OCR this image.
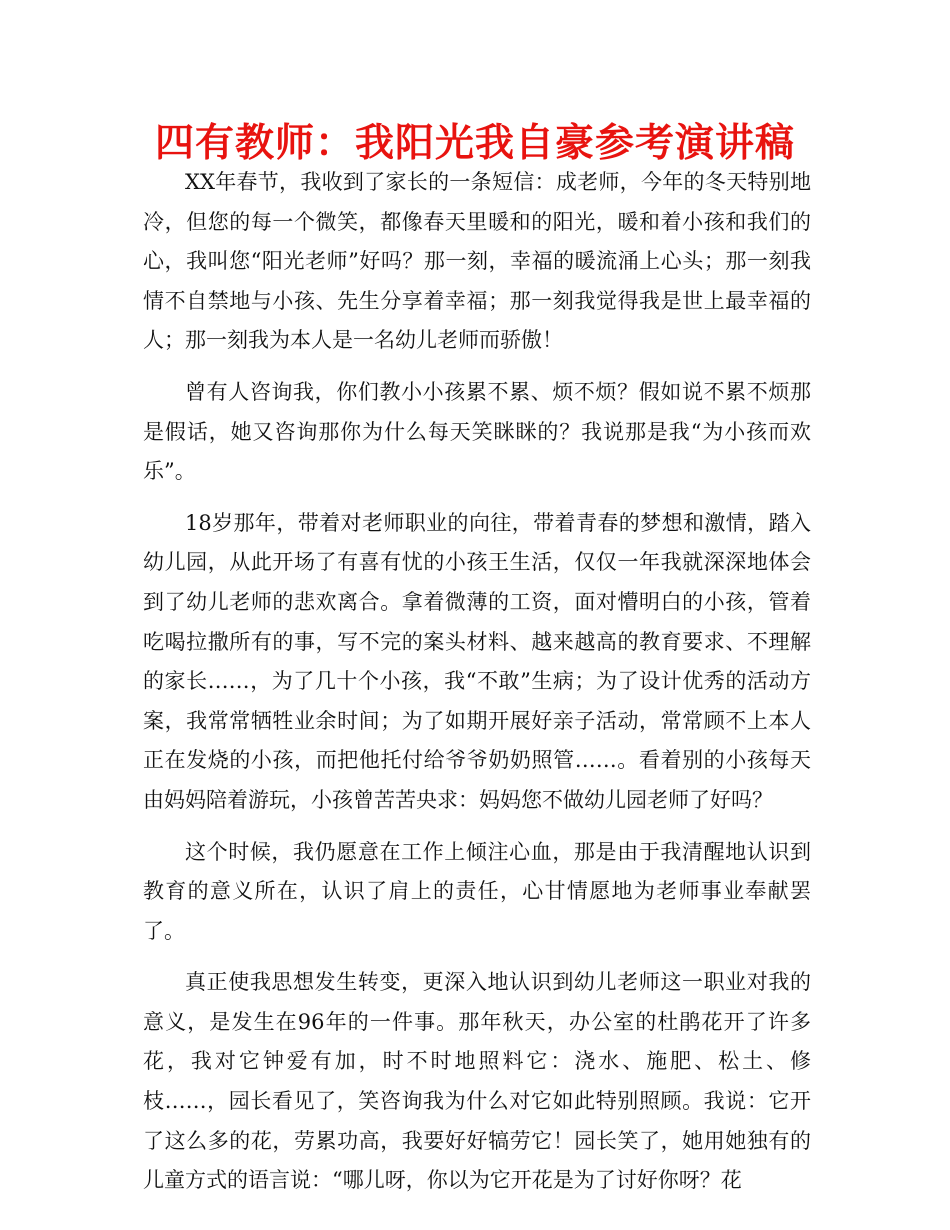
四有教师：我阳光我自豪参考演讲稿

XX年春节，我收到了家长的一条短信：成老师，今年的冬天特别地冷，但您的每一个微笑，都像春天里暖和的阳光，暖和着小孩和我们的心，我叫您“阳光老师”好吗？那一刻，幸福的暖流涌上心头；那一刻我情不自禁地与小孩、先生分享着幸福；那一刻我觉得我是世上最幸福的人；那一刻我为本人是一名幼儿老师而骄傲！

曾有人咨询我，你们教小小孩累不累、烦不烦？假如说不累不烦那是假话，她又咨询那你为什么每天笑眯眯的？我说那是我“为小孩而欢乐”。

18岁那年，带着对老师职业的向往，带着青春的梦想和激情，踏入幼儿园，从此开场了有喜有忧的小孩王生活，仅仅一年我就深深地体会到了幼儿老师的悲欢离合。拿着微薄的工资，面对懵明白的小孩，管着吃喝拉撒所有的事，写不完的案头材料、越来越高的教育要求、不理解的家长……，为了几十个小孩，我“不敢”生病；为了设计优秀的活动方案，我常常牺牲业余时间；为了如期开展好亲子活动，常常顾不上本人正在发烧的小孩，而把他托付给爷爷奶奶照管……。看着别的小孩每天由妈妈陪着游玩，小孩曾苦苦央求：妈妈您不做幼儿园老师了好吗？

这个时候，我仍愿意在工作上倾注心血，那是由于我清醒地认识到教育的意义所在，认识了肩上的责任，心甘情愿地为老师事业奉献罢了。

真正使我思想发生转变，更深入地认识到幼儿老师这一职业对我的意义，是发生在96年的一件事。那年秋天，办公室的杜鹃花开了许多花，我对它钟爱有加，时不时地照料它：浇水、施肥、松土、修枝……，园长看见了，笑咨询我为什么对它如此特别照顾。我说：它开了这么多的花，劳累功高，我要好好犒劳它！园长笑了，她用她独有的儿童方式的语言说：“哪儿呀，你以为它开花是为了讨好你呀？花
